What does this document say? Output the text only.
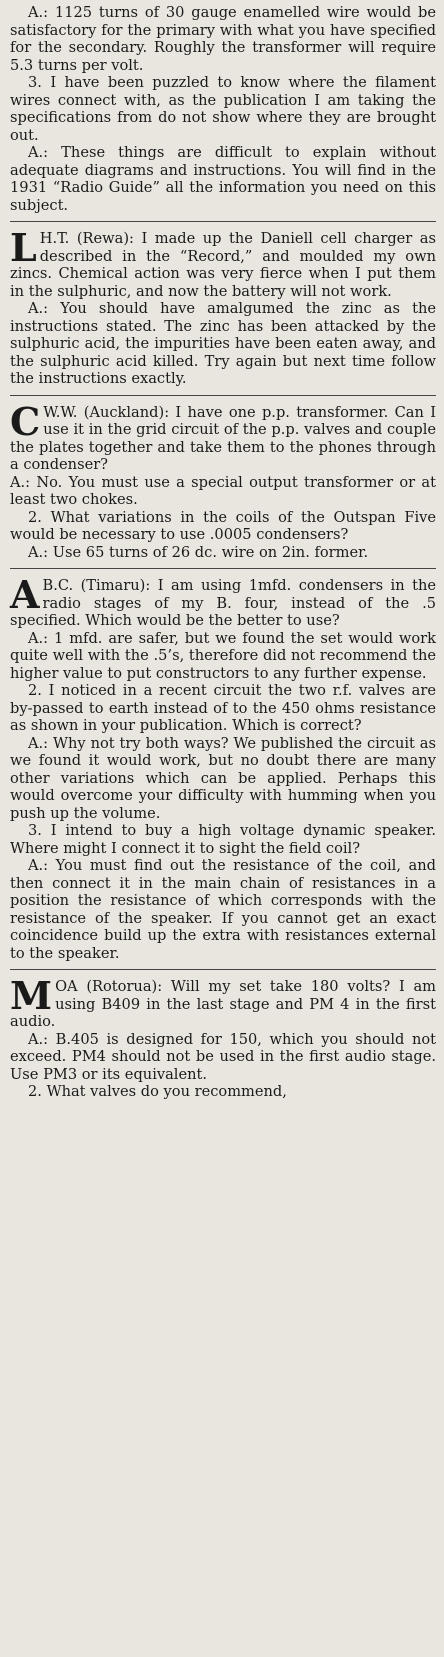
A.: 1125 turns of 30 gauge enamelled wire would be satisfactory for the primary with what you have specified for the secondary. Roughly the transformer will require 5.3 turns per volt.

3. I have been puzzled to know where the filament wires connect with, as the publication I am taking the specifications from do not show where they are brought out.

A.: These things are difficult to explain without adequate diagrams and instructions. You will find in the 1931 “Radio Guide” all the information you need on this subject.

L H.T. (Rewa): I made up the Daniell cell charger as described in the “Record,” and moulded my own zincs. Chemical action was very fierce when I put them in the sulphuric, and now the battery will not work.

A.: You should have amalgumed the zinc as the instructions stated. The zinc has been attacked by the sulphuric acid, the impurities have been eaten away, and the sulphuric acid killed. Try again but next time follow the instructions exactly.

C W.W. (Auckland): I have one p.p. transformer. Can I use it in the grid circuit of the p.p. valves and couple the plates together and take them to the phones through a condenser?

A.: No. You must use a special output transformer or at least two chokes.

2. What variations in the coils of the Outspan Five would be necessary to use .0005 condensers?

A.: Use 65 turns of 26 dc. wire on 2in. former.

A B.C. (Timaru): I am using 1mfd. condensers in the radio stages of my B. four, instead of the .5 specified. Which would be the better to use?

A.: 1 mfd. are safer, but we found the set would work quite well with the .5’s, therefore did not recommend the higher value to put constructors to any further expense.

2. I noticed in a recent circuit the two r.f. valves are by-passed to earth instead of to the 450 ohms resistance as shown in your publication. Which is correct?

A.: Why not try both ways? We published the circuit as we found it would work, but no doubt there are many other variations which can be applied. Perhaps this would overcome your difficulty with humming when you push up the volume.

3. I intend to buy a high voltage dynamic speaker. Where might I connect it to sight the field coil?

A.: You must find out the resistance of the coil, and then connect it in the main chain of resistances in a position the resistance of which corresponds with the resistance of the speaker. If you cannot get an exact coincidence build up the extra with resistances external to the speaker.

M OA (Rotorua): Will my set take 180 volts? I am using B409 in the last stage and PM 4 in the first audio.

A.: B.405 is designed for 150, which you should not exceed. PM4 should not be used in the first audio stage. Use PM3 or its equivalent.

2. What valves do you recommend,
